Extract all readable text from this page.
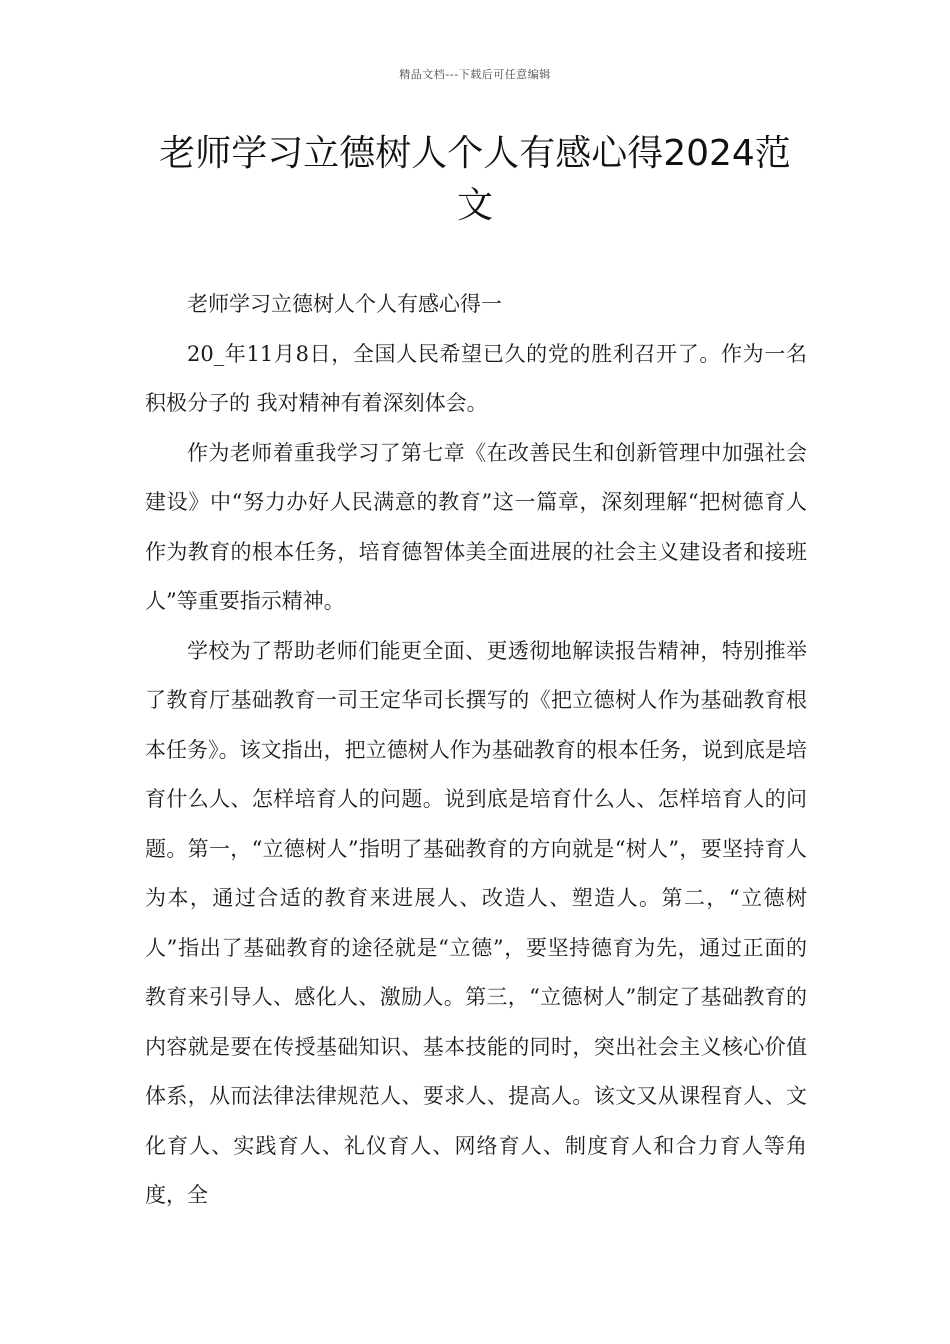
精品文档---下载后可任意编辑
老师学习立德树人个人有感心得2024范文

老师学习立德树人个人有感心得一

20_年11月8日，全国人民希望已久的党的胜利召开了。作为一名积极分子的 我对精神有着深刻体会。

作为老师着重我学习了第七章《在改善民生和创新管理中加强社会建设》中“努力办好人民满意的教育”这一篇章，深刻理解“把树德育人作为教育的根本任务，培育德智体美全面进展的社会主义建设者和接班人”等重要指示精神。

学校为了帮助老师们能更全面、更透彻地解读报告精神，特别推举了教育厅基础教育一司王定华司长撰写的《把立德树人作为基础教育根本任务》。该文指出，把立德树人作为基础教育的根本任务，说到底是培育什么人、怎样培育人的问题。说到底是培育什么人、怎样培育人的问题。第一，“立德树人”指明了基础教育的方向就是“树人”，要坚持育人为本，通过合适的教育来进展人、改造人、塑造人。第二，“立德树人”指出了基础教育的途径就是“立德”，要坚持德育为先，通过正面的教育来引导人、感化人、激励人。第三，“立德树人”制定了基础教育的内容就是要在传授基础知识、基本技能的同时，突出社会主义核心价值体系，从而法律法律规范人、要求人、提高人。该文又从课程育人、文化育人、实践育人、礼仪育人、网络育人、制度育人和合力育人等角度，全
